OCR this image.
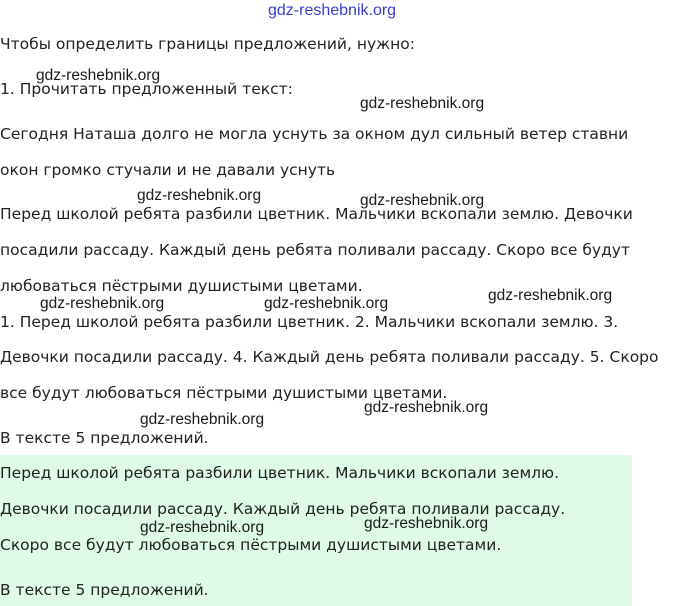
Чтобы определить границы предложений, нужно:
1. Прочитать предложенный текст:
Сегодня Наташа долго не могла уснуть за окном дул сильный ветер ставни
окон громко стучали и не давали уснуть
Перед школой ребята разбили цветник. Мальчики вскопали землю. Девочки
посадили рассаду. Каждый день ребята поливали рассаду. Скоро все будут
любоваться пёстрыми душистыми цветами.
1. Перед школой ребята разбили цветник. 2. Мальчики вскопали землю. 3.
Девочки посадили рассаду. 4. Каждый день ребята поливали рассаду. 5. Скоро
все будут любоваться пёстрыми душистыми цветами.
В тексте 5 предложений.
Перед школой ребята разбили цветник. Мальчики вскопали землю.
Девочки посадили рассаду. Каждый день ребята поливали рассаду.
Скоро все будут любоваться пёстрыми душистыми цветами.
В тексте 5 предложений.
gdz-reshebnik.org
gdz-reshebnik.org
gdz-reshebnik.org
gdz-reshebnik.org	gdz-reshebnik.org
gdz-reshebnik.org
gdz-reshebnik.org	gdz-reshebnik.org
gdz-reshebnik.org
gdz-reshebnik.org
gdz-reshebnik.org
gdz-reshebnik.org
